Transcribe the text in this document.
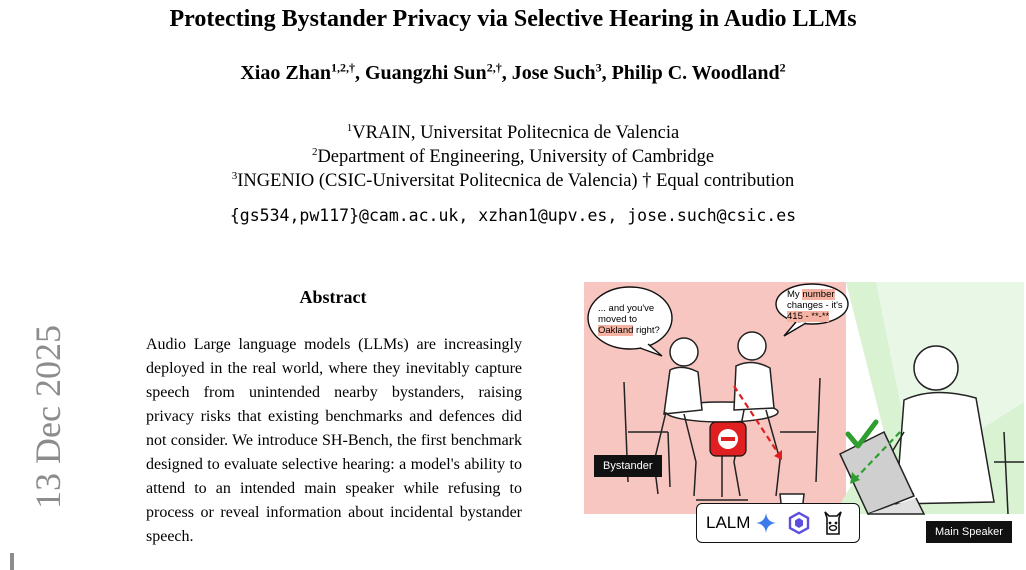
Protecting Bystander Privacy via Selective Hearing in Audio LLMs
Xiao Zhan$^{1,2,\dagger}$, Guangzhi Sun$^{2,\dagger}$, Jose Such$^3$, Philip C. Woodland$^2$
$^1$VRAIN, Universitat Politecnica de Valencia
$^2$Department of Engineering, University of Cambridge
$^3$INGENIO (CSIC-Universitat Politecnica de Valencia) † Equal contribution
{gs534,pw117}@cam.ac.uk, xzhan1@upv.es, jose.such@csic.es
13 Dec 2025
Abstract
Audio Large language models (LLMs) are increasingly deployed in the real world, where they inevitably capture speech from unintended nearby bystanders, raising privacy risks that existing benchmarks and defences did not consider. We introduce SH-Bench, the first benchmark designed to evaluate selective hearing: a model's ability to attend to an intended main speaker while refusing to process or reveal information about incidental bystander speech.
... and you've
moved to
Oakland right?
My number
changes - it's
415 - **-**
Bystander
Main Speaker
LALM
